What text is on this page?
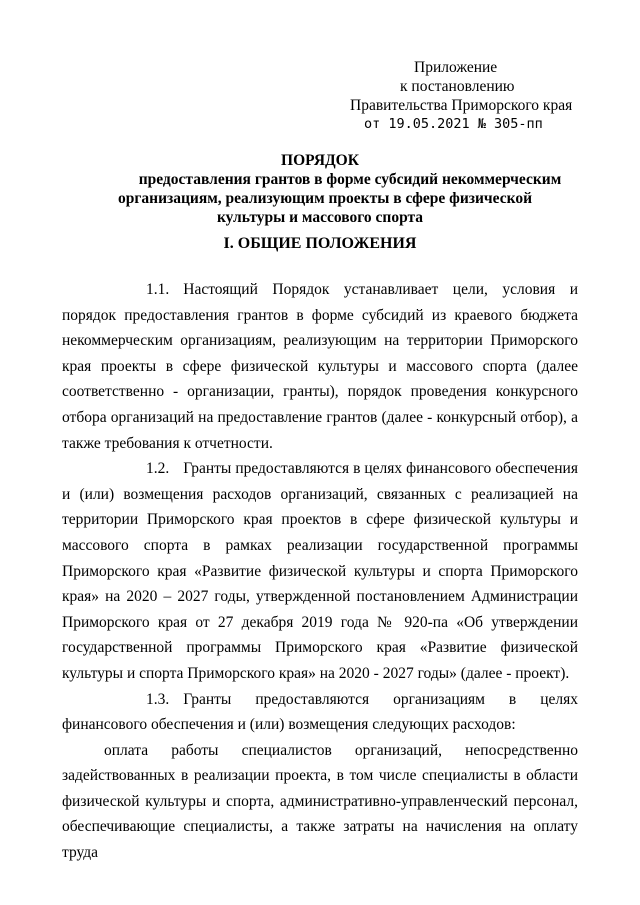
Приложение
к постановлению
Правительства Приморского края
от 19.05.2021 № 305-пп
ПОРЯДОК
предоставления грантов в форме субсидий некоммерческим
организациям, реализующим проекты в сфере физической
культуры и массового спорта
I. ОБЩИЕ ПОЛОЖЕНИЯ

1.1. Настоящий Порядок устанавливает цели, условия и порядок предоставления грантов в форме субсидий из краевого бюджета некоммерческим организациям, реализующим на территории Приморского края проекты в сфере физической культуры и массового спорта (далее соответственно - организации, гранты), порядок проведения конкурсного отбора организаций на предоставление грантов (далее - конкурсный отбор), а также требования к отчетности.

1.2. Гранты предоставляются в целях финансового обеспечения и (или) возмещения расходов организаций, связанных с реализацией на территории Приморского края проектов в сфере физической культуры и массового спорта в рамках реализации государственной программы Приморского края «Развитие физической культуры и спорта Приморского края» на 2020 – 2027 годы, утвержденной постановлением Администрации Приморского края от 27 декабря 2019 года № 920-па «Об утверждении государственной программы Приморского края «Развитие физической культуры и спорта Приморского края» на 2020 - 2027 годы» (далее - проект).

1.3. Гранты предоставляются организациям в целях финансового обеспечения и (или) возмещения следующих расходов:

оплата работы специалистов организаций, непосредственно задействованных в реализации проекта, в том числе специалисты в области физической культуры и спорта, административно-управленческий персонал, обеспечивающие специалисты, а также затраты на начисления на оплату труда
